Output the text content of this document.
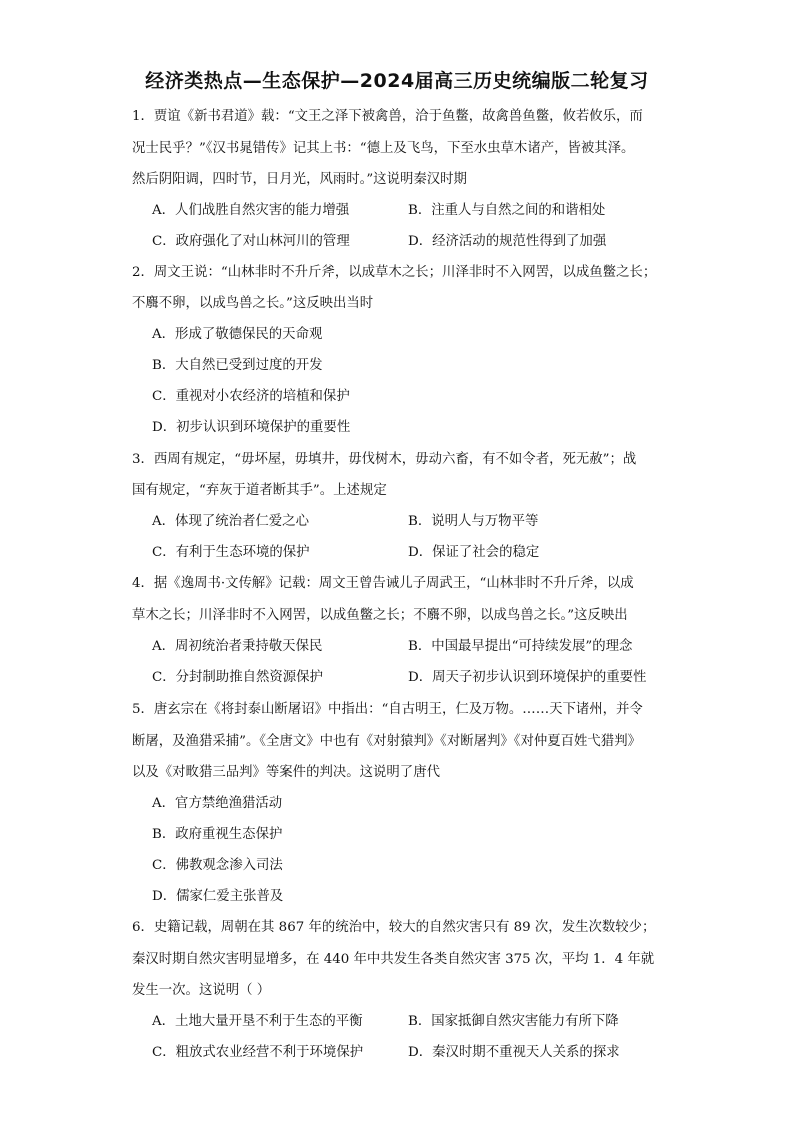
经济类热点—生态保护—2024届高三历史统编版二轮复习
1．贾谊《新书君道》载：“文王之泽下被禽兽，洽于鱼鳖，故禽兽鱼鳖，攸若攸乐，而
况士民乎？”《汉书晁错传》记其上书：“德上及飞鸟，下至水虫草木诸产，皆被其泽。
然后阴阳调，四时节，日月光，风雨时。”这说明秦汉时期
A．人们战胜自然灾害的能力增强	B．注重人与自然之间的和谐相处
C．政府强化了对山林河川的管理	D．经济活动的规范性得到了加强
2．周文王说：“山林非时不升斤斧，以成草木之长；川泽非时不入网罟，以成鱼鳖之长；
不麛不卵，以成鸟兽之长。”这反映出当时
A．形成了敬德保民的天命观
B．大自然已受到过度的开发
C．重视对小农经济的培植和保护
D．初步认识到环境保护的重要性
3．西周有规定，“毋坏屋，毋填井，毋伐树木，毋动六畜，有不如令者，死无赦”；战
国有规定，“弃灰于道者断其手”。上述规定
A．体现了统治者仁爱之心	B．说明人与万物平等
C．有利于生态环境的保护	D．保证了社会的稳定
4．据《逸周书·文传解》记载：周文王曾告诫儿子周武王，“山林非时不升斤斧，以成
草木之长；川泽非时不入网罟，以成鱼鳖之长；不麛不卵，以成鸟兽之长。”这反映出
A．周初统治者秉持敬天保民	B．中国最早提出“可持续发展”的理念
C．分封制助推自然资源保护	D．周天子初步认识到环境保护的重要性
5．唐玄宗在《将封泰山断屠诏》中指出：“自古明王，仁及万物。……天下诸州，并令
断屠，及渔猎采捕”。《全唐文》中也有《对射猿判》《对断屠判》《对仲夏百姓弋猎判》
以及《对畋猎三品判》等案件的判决。这说明了唐代
A．官方禁绝渔猎活动
B．政府重视生态保护
C．佛教观念渗入司法
D．儒家仁爱主张普及
6．史籍记载，周朝在其 867 年的统治中，较大的自然灾害只有 89 次，发生次数较少；
秦汉时期自然灾害明显增多，在 440 年中共发生各类自然灾害 375 次，平均 1．4 年就
发生一次。这说明（ ）
A．土地大量开垦不利于生态的平衡	B．国家抵御自然灾害能力有所下降
C．粗放式农业经营不利于环境保护	D．秦汉时期不重视天人关系的探求
